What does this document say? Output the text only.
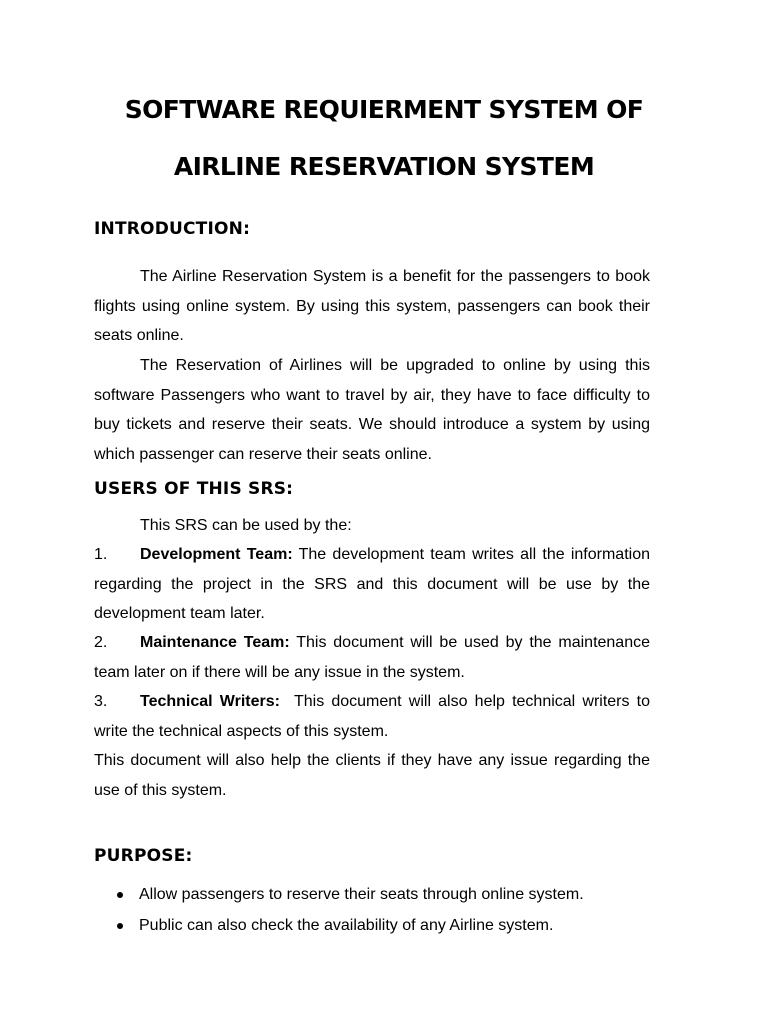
SOFTWARE REQUIERMENT SYSTEM OF
AIRLINE RESERVATION SYSTEM
INTRODUCTION:

The Airline Reservation System is a benefit for the passengers to book flights using online system. By using this system, passengers can book their seats online.

The Reservation of Airlines will be upgraded to online by using this software Passengers who want to travel by air, they have to face difficulty to buy tickets and reserve their seats. We should introduce a system by using which passenger can reserve their seats online.

USERS OF THIS SRS:

This SRS can be used by the:

1. Development Team: The development team writes all the information regarding the project in the SRS and this document will be use by the development team later.

2. Maintenance Team: This document will be used by the maintenance team later on if there will be any issue in the system.

3. Technical Writers:  This document will also help technical writers to write the technical aspects of this system.

This document will also help the clients if they have any issue regarding the use of this system.

PURPOSE:
Allow passengers to reserve their seats through online system.
Public can also check the availability of any Airline system.
